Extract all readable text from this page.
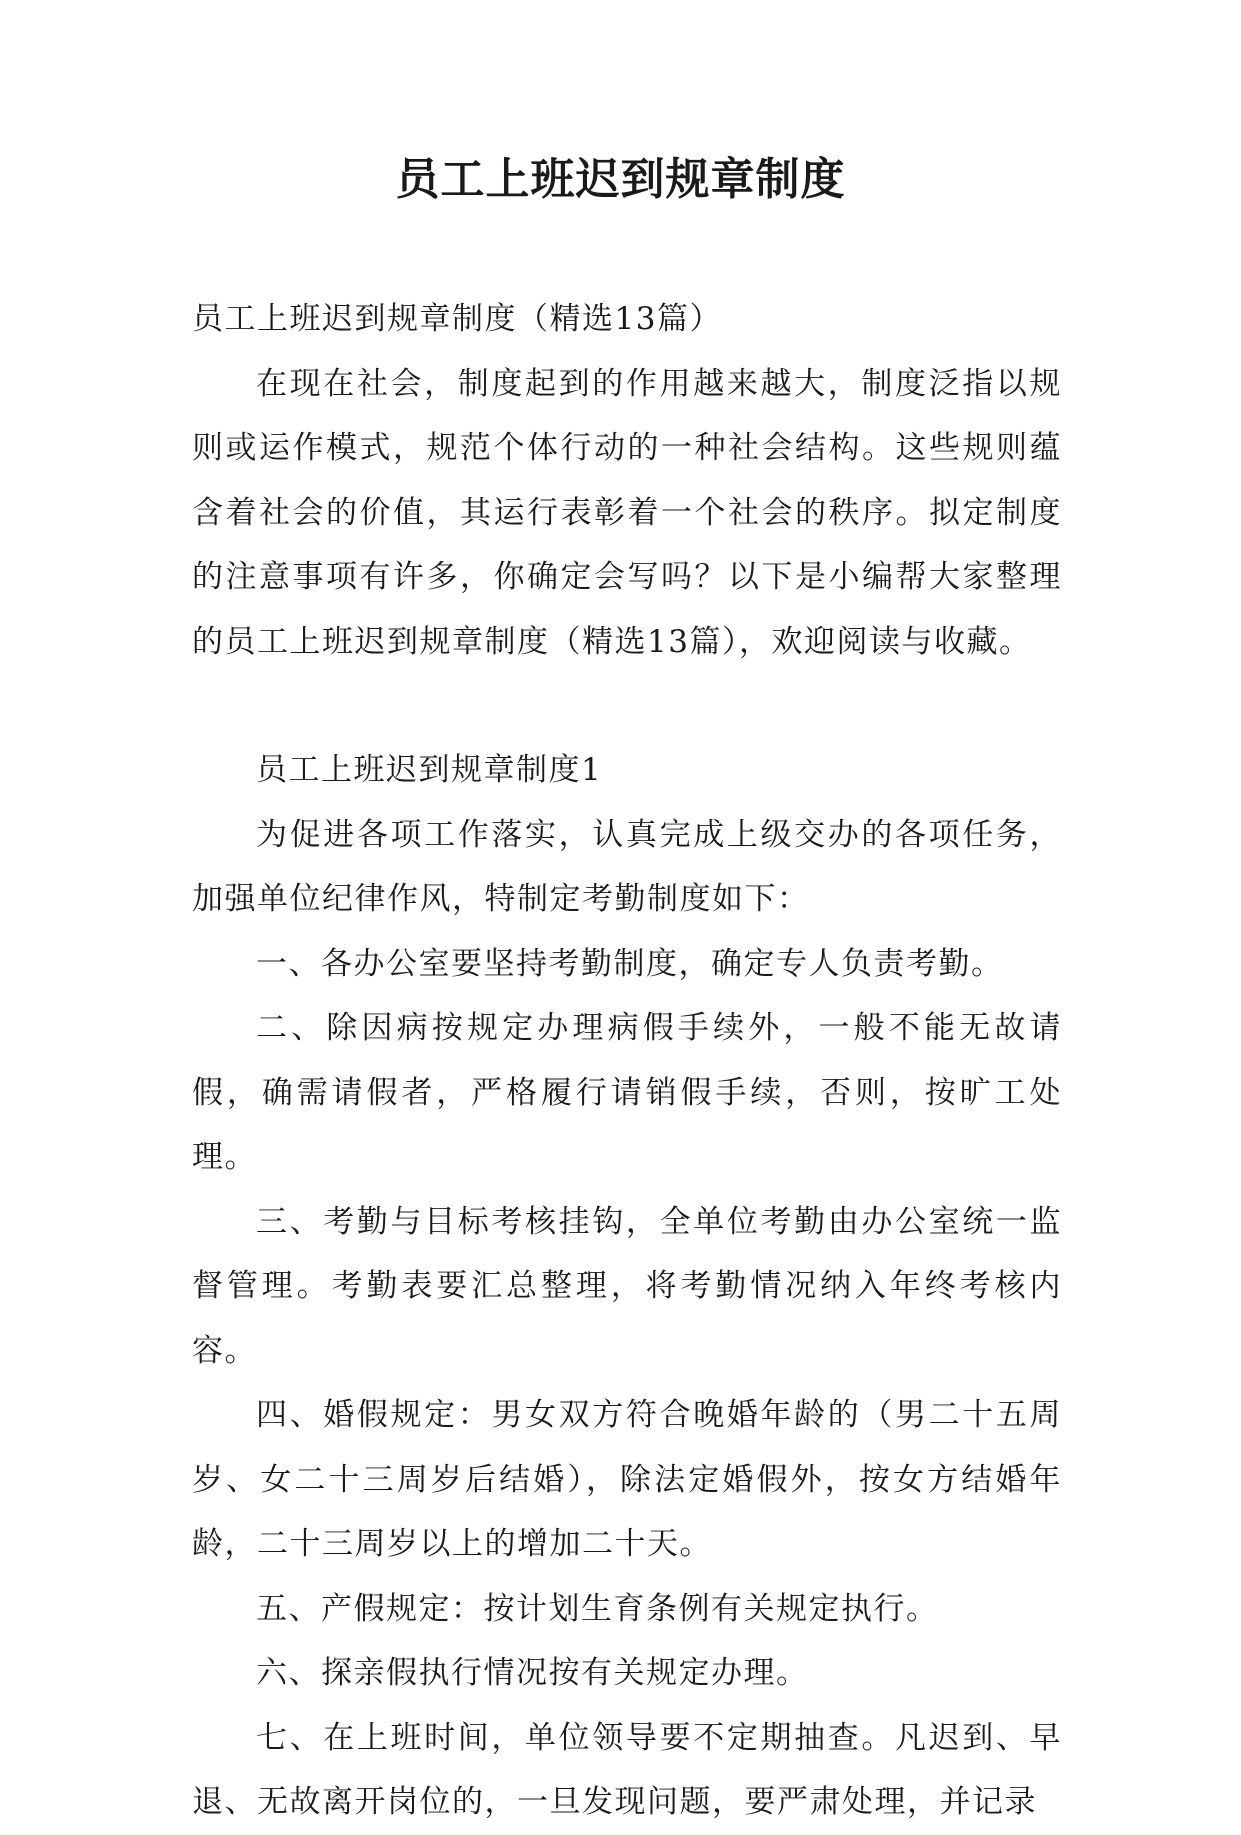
员工上班迟到规章制度

员工上班迟到规章制度（精选13篇）

在现在社会，制度起到的作用越来越大，制度泛指以规则或运作模式，规范个体行动的一种社会结构。这些规则蕴含着社会的价值，其运行表彰着一个社会的秩序。拟定制度的注意事项有许多，你确定会写吗？以下是小编帮大家整理的员工上班迟到规章制度（精选13篇），欢迎阅读与收藏。

员工上班迟到规章制度1

为促进各项工作落实，认真完成上级交办的各项任务，加强单位纪律作风，特制定考勤制度如下：

一、各办公室要坚持考勤制度，确定专人负责考勤。

二、除因病按规定办理病假手续外，一般不能无故请假，确需请假者，严格履行请销假手续，否则，按旷工处理。

三、考勤与目标考核挂钩，全单位考勤由办公室统一监督管理。考勤表要汇总整理，将考勤情况纳入年终考核内容。

四、婚假规定：男女双方符合晚婚年龄的（男二十五周岁、女二十三周岁后结婚），除法定婚假外，按女方结婚年龄，二十三周岁以上的增加二十天。

五、产假规定：按计划生育条例有关规定执行。

六、探亲假执行情况按有关规定办理。

七、在上班时间，单位领导要不定期抽查。凡迟到、早退、无故离开岗位的，一旦发现问题，要严肃处理，并记录
